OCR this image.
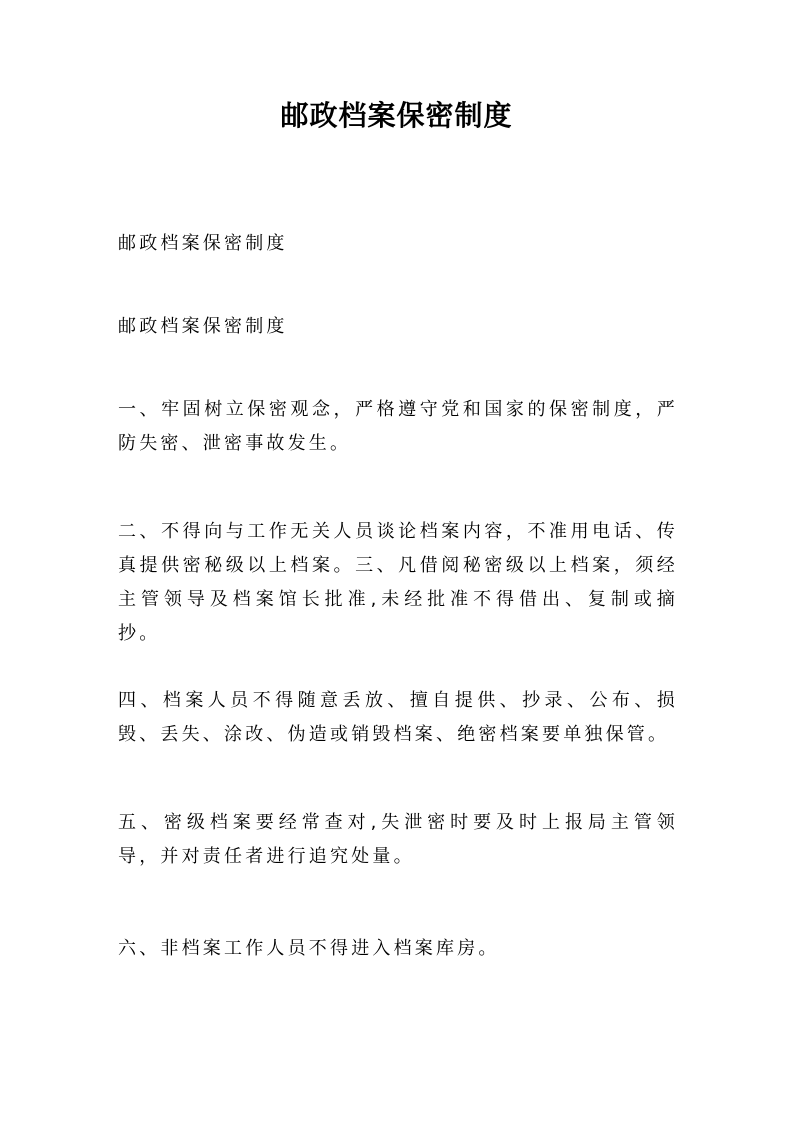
邮政档案保密制度

邮政档案保密制度

邮政档案保密制度

一、牢固树立保密观念，严格遵守党和国家的保密制度，严防失密、泄密事故发生。

二、不得向与工作无关人员谈论档案内容，不准用电话、传真提供密秘级以上档案。三、凡借阅秘密级以上档案，须经主管领导及档案馆长批准,未经批准不得借出、复制或摘抄。

四、档案人员不得随意丢放、擅自提供、抄录、公布、损毁、丢失、涂改、伪造或销毁档案、绝密档案要单独保管。

五、密级档案要经常查对,失泄密时要及时上报局主管领导，并对责任者进行追究处量。

六、非档案工作人员不得进入档案库房。
